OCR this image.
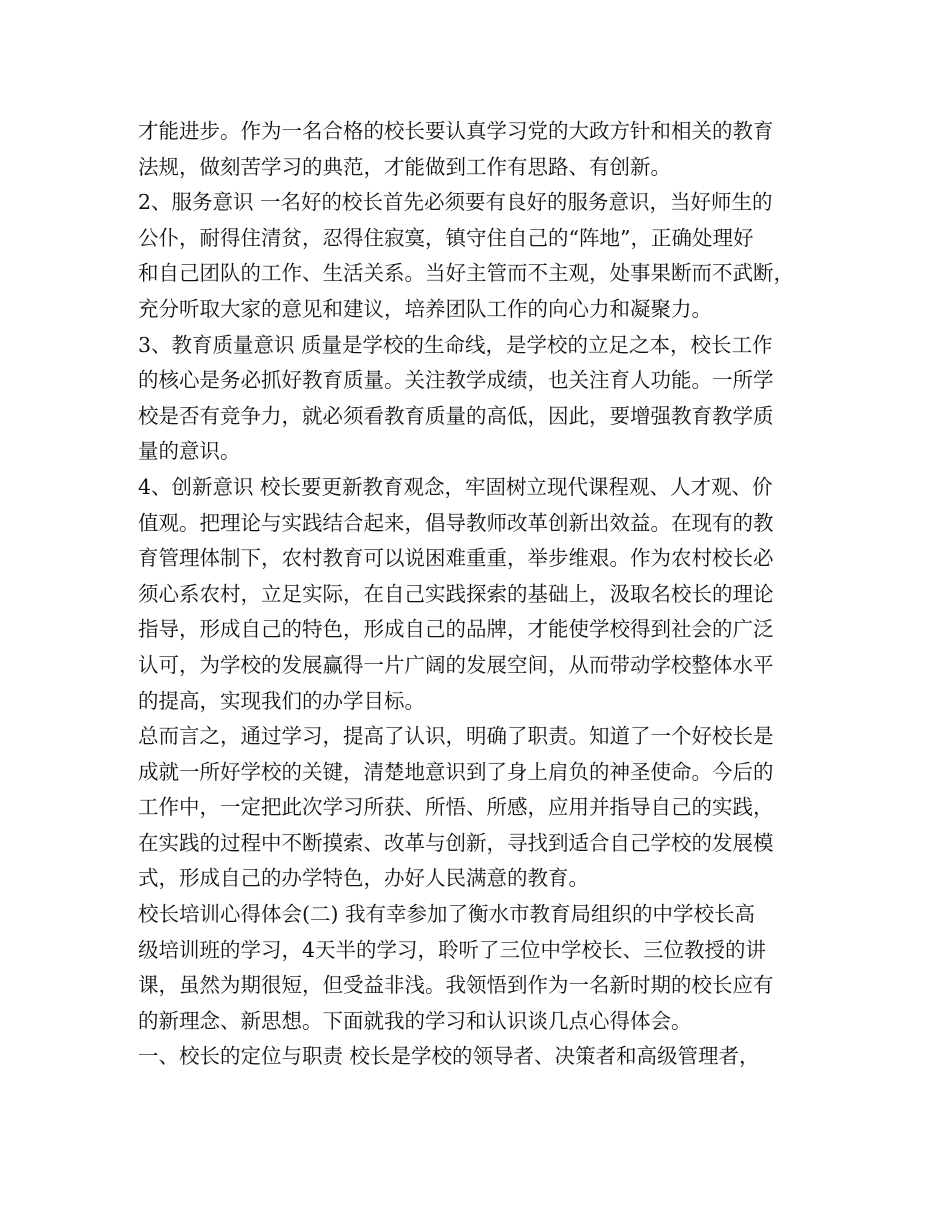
才能进步。作为一名合格的校长要认真学习党的大政方针和相关的教育
法规，做刻苦学习的典范，才能做到工作有思路、有创新。
2、服务意识 一名好的校长首先必须要有良好的服务意识，当好师生的
公仆，耐得住清贫，忍得住寂寞，镇守住自己的“阵地”，正确处理好
和自己团队的工作、生活关系。当好主管而不主观，处事果断而不武断，
充分听取大家的意见和建议，培养团队工作的向心力和凝聚力。
3、教育质量意识 质量是学校的生命线，是学校的立足之本，校长工作
的核心是务必抓好教育质量。关注教学成绩，也关注育人功能。一所学
校是否有竞争力，就必须看教育质量的高低，因此，要增强教育教学质
量的意识。
4、创新意识 校长要更新教育观念，牢固树立现代课程观、人才观、价
值观。把理论与实践结合起来，倡导教师改革创新出效益。在现有的教
育管理体制下，农村教育可以说困难重重，举步维艰。作为农村校长必
须心系农村，立足实际，在自己实践探索的基础上，汲取名校长的理论
指导，形成自己的特色，形成自己的品牌，才能使学校得到社会的广泛
认可，为学校的发展赢得一片广阔的发展空间，从而带动学校整体水平
的提高，实现我们的办学目标。
总而言之，通过学习，提高了认识，明确了职责。知道了一个好校长是
成就一所好学校的关键，清楚地意识到了身上肩负的神圣使命。今后的
工作中，一定把此次学习所获、所悟、所感，应用并指导自己的实践，
在实践的过程中不断摸索、改革与创新，寻找到适合自己学校的发展模
式，形成自己的办学特色，办好人民满意的教育。
校长培训心得体会(二) 我有幸参加了衡水市教育局组织的中学校长高
级培训班的学习，4天半的学习，聆听了三位中学校长、三位教授的讲
课，虽然为期很短，但受益非浅。我领悟到作为一名新时期的校长应有
的新理念、新思想。下面就我的学习和认识谈几点心得体会。
一、校长的定位与职责 校长是学校的领导者、决策者和高级管理者，
